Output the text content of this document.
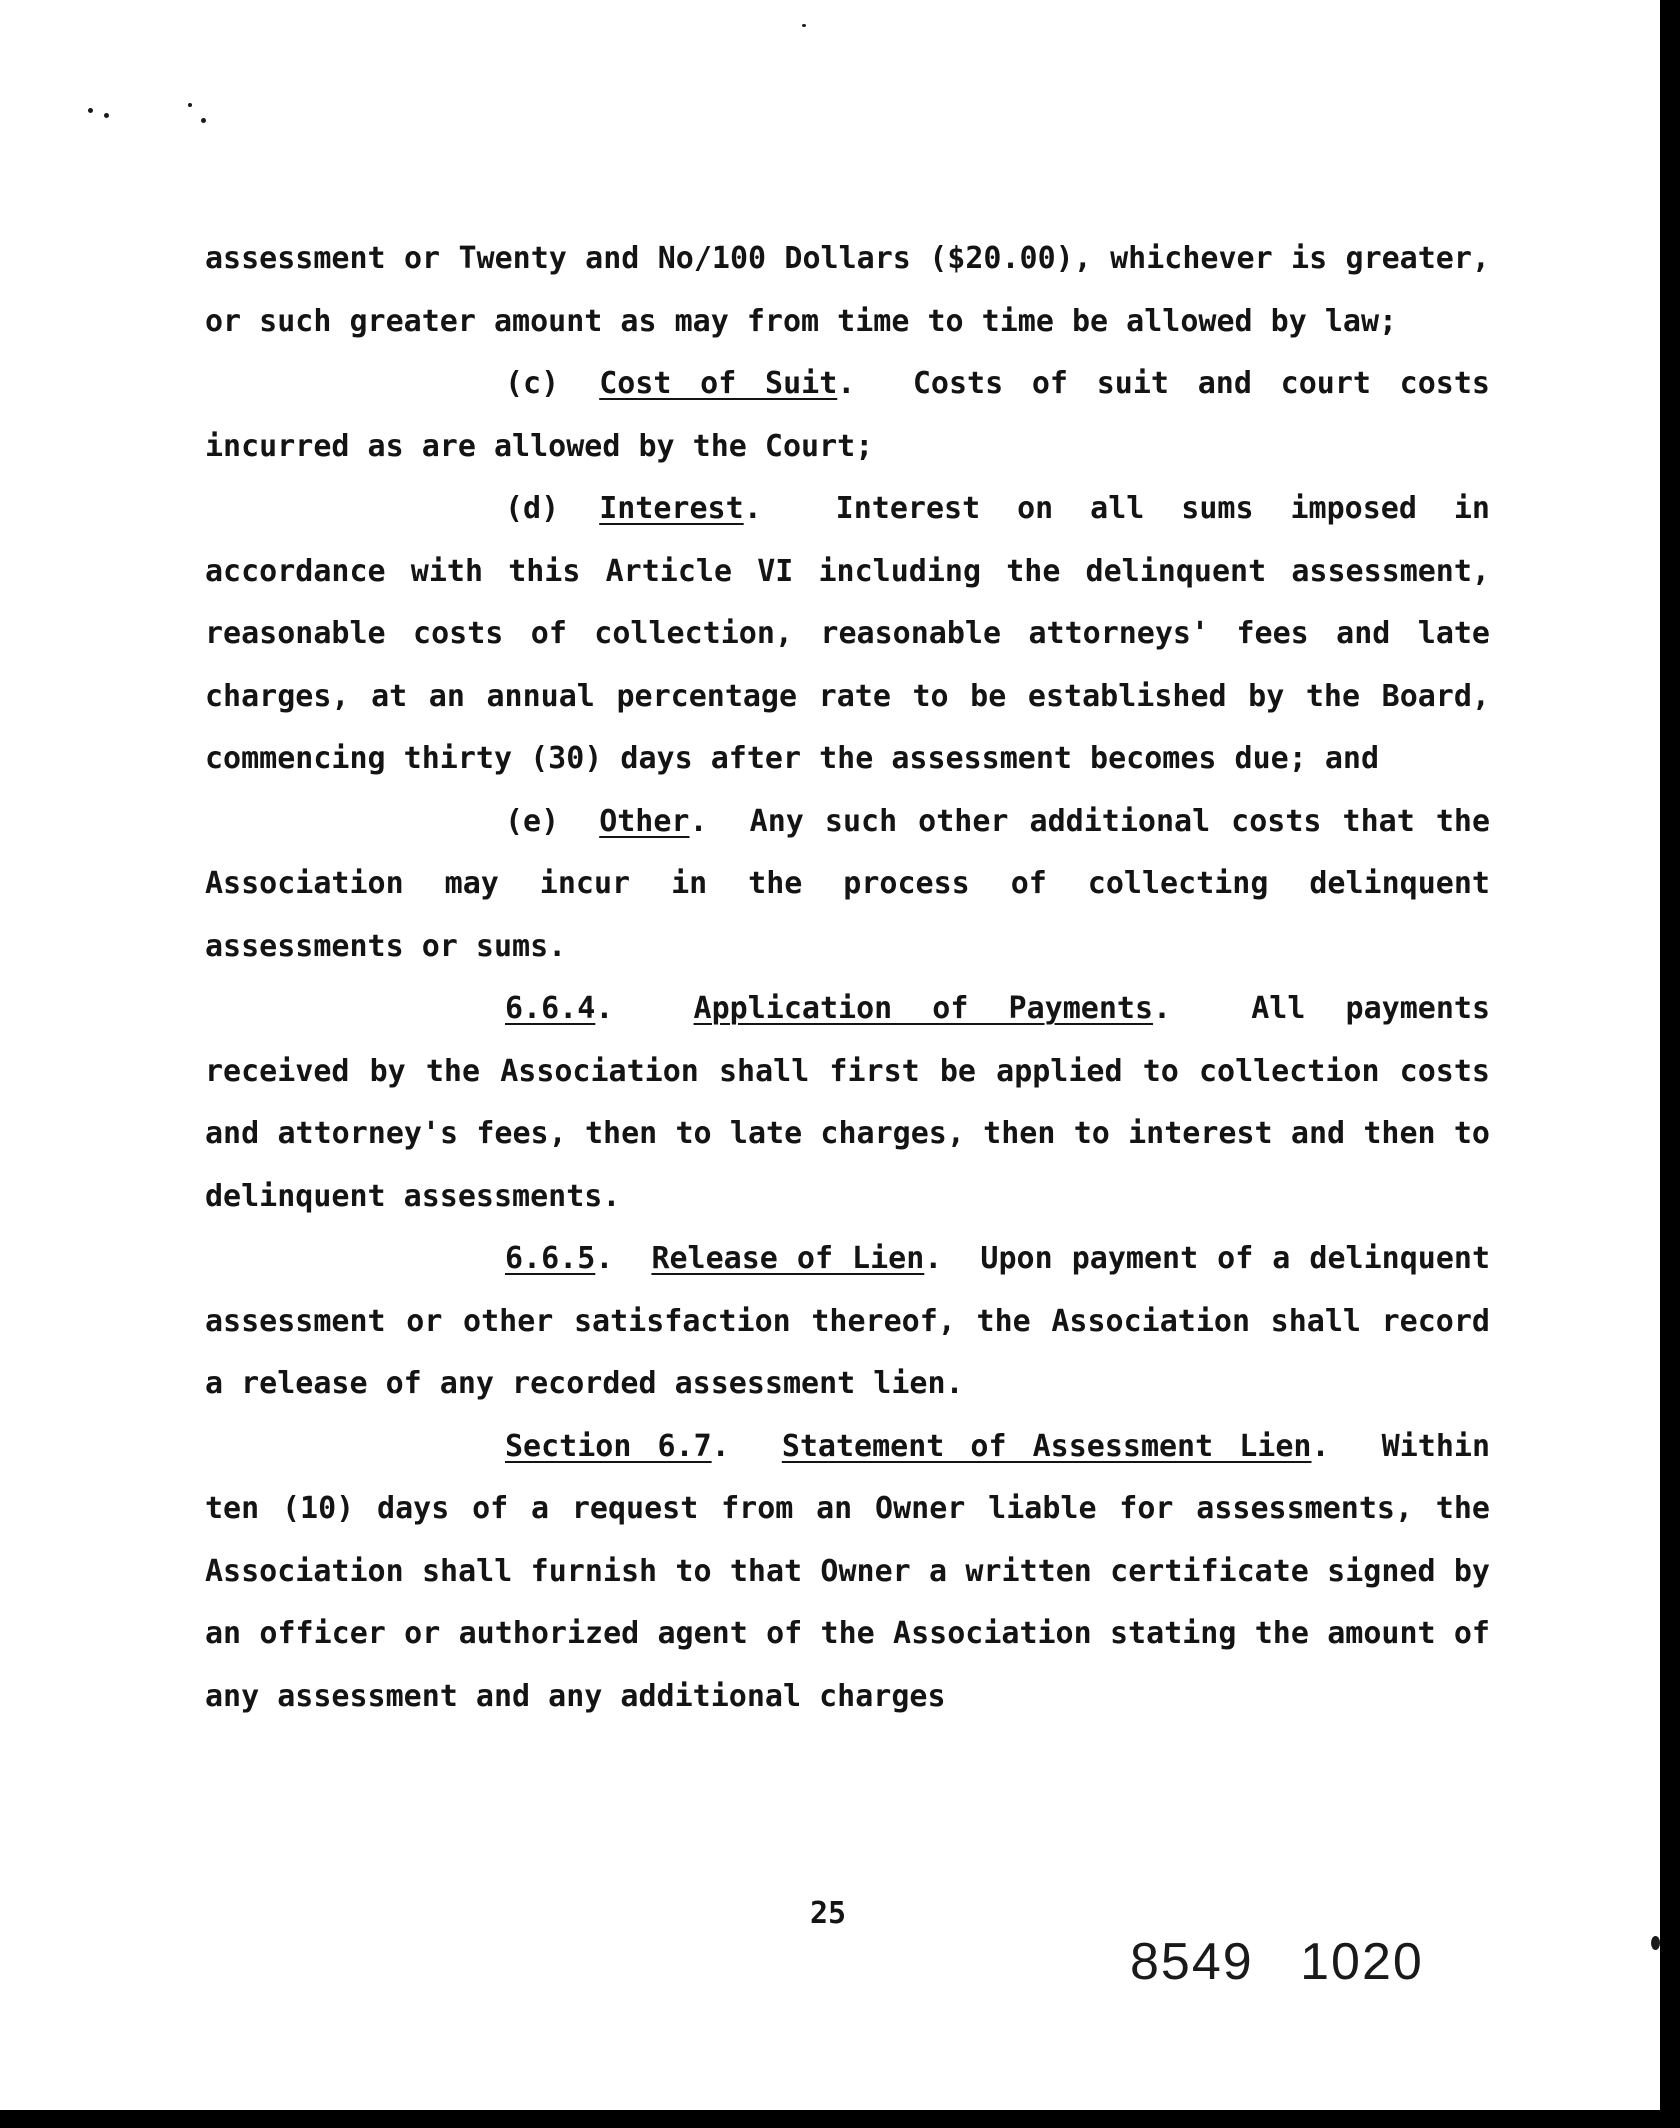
assessment or Twenty and No/100 Dollars ($20.00), whichever is greater, or such greater amount as may from time to time be allowed by law;

(c) Cost of Suit.  Costs of suit and court costs incurred as are allowed by the Court;

(d) Interest.  Interest on all sums imposed in accordance with this Article VI including the delinquent assessment, reasonable costs of collection, reasonable attorneys' fees and late charges, at an annual percentage rate to be established by the Board, commencing thirty (30) days after the assessment becomes due; and

(e) Other.  Any such other additional costs that the Association may incur in the process of collecting delinquent assessments or sums.

6.6.4.  Application of Payments.  All payments received by the Association shall first be applied to collection costs and attorney's fees, then to late charges, then to interest and then to delinquent assessments.

6.6.5.  Release of Lien.  Upon payment of a delinquent assessment or other satisfaction thereof, the Association shall record a release of any recorded assessment lien.

Section 6.7.  Statement of Assessment Lien.  Within ten (10) days of a request from an Owner liable for assessments, the Association shall furnish to that Owner a written certificate signed by an officer or authorized agent of the Association stating the amount of any assessment and any additional charges

25
8549 1020
